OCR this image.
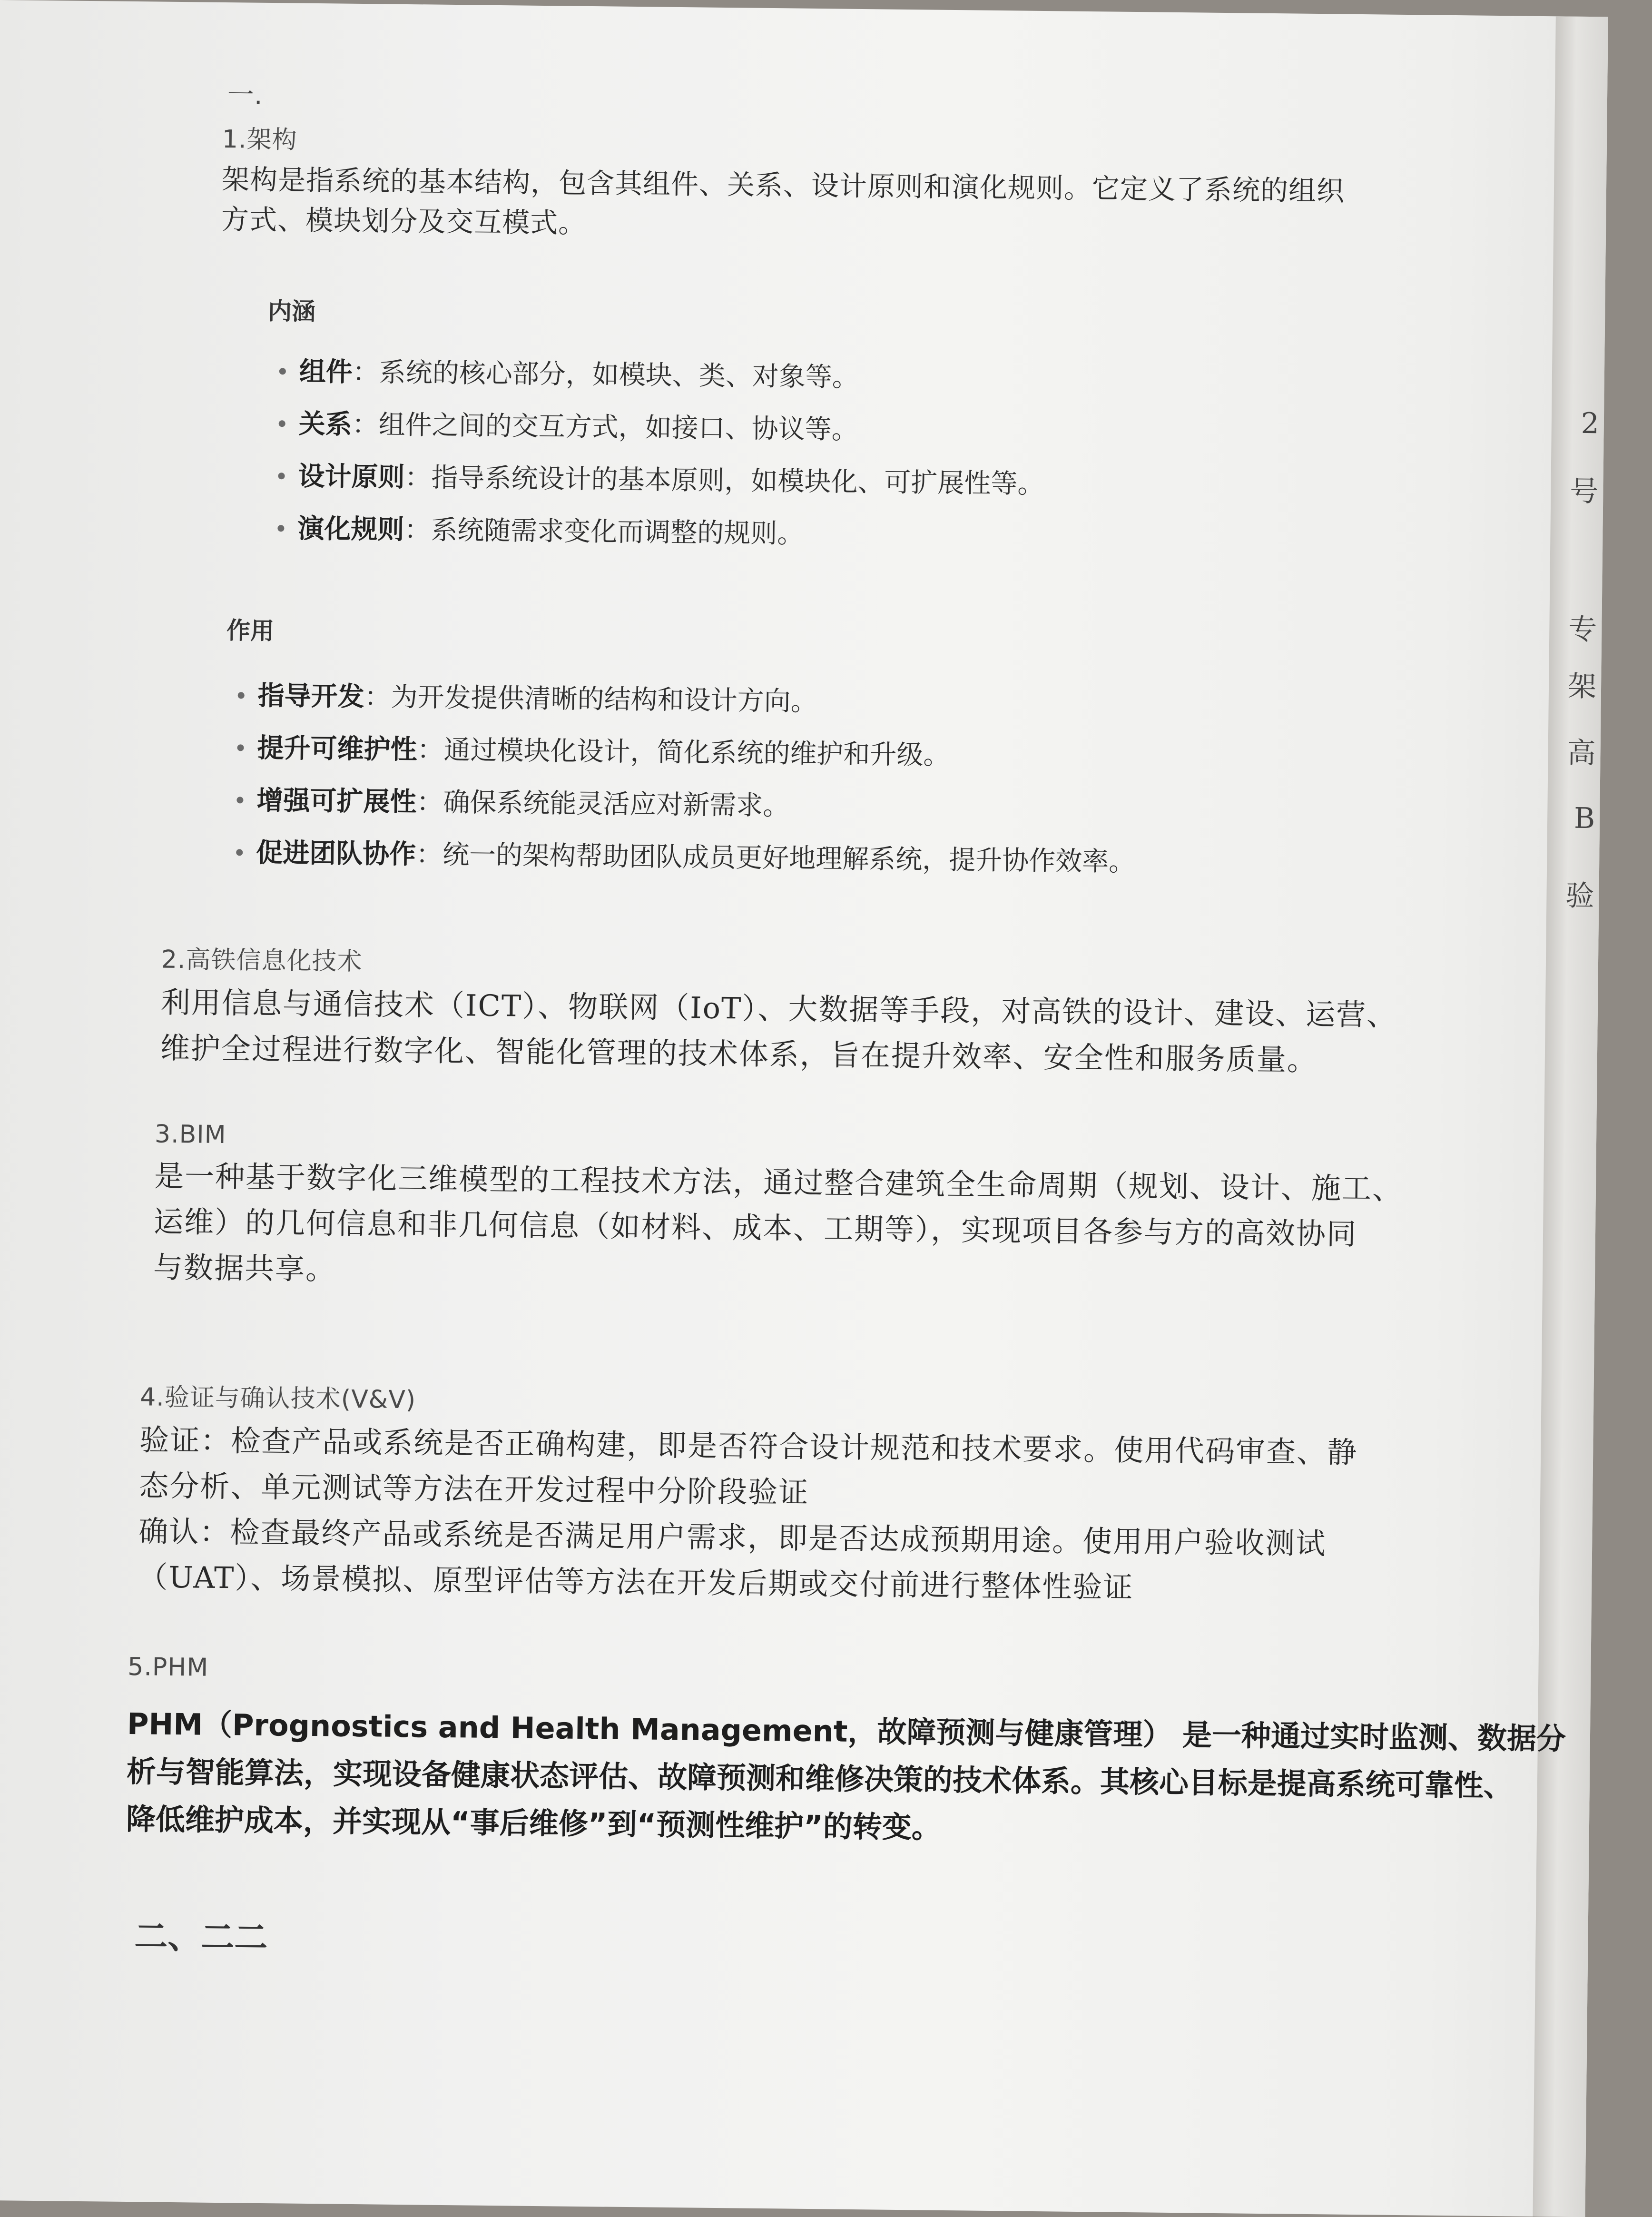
2
号
专
架
高
B
验
一.
1.架构
架构是指系统的基本结构，包含其组件、关系、设计原则和演化规则。它定义了系统的组织
方式、模块划分及交互模式。
内涵
组件 ： 系统的核心部分，如模块、类、对象等。
关系 ： 组件之间的交互方式，如接口、协议等。
设计原则 ： 指导系统设计的基本原则，如模块化、可扩展性等。
演化规则 ： 系统随需求变化而调整的规则。
作用
指导开发 ： 为开发提供清晰的结构和设计方向。
提升可维护性 ： 通过模块化设计，简化系统的维护和升级。
增强可扩展性 ： 确保系统能灵活应对新需求。
促进团队协作 ： 统一的架构帮助团队成员更好地理解系统，提升协作效率。
2.高铁信息化技术
利用信息与通信技术（ICT）、物联网（IoT）、大数据等手段，对高铁的设计、建设、运营、
维护全过程进行数字化、智能化管理的技术体系，旨在提升效率、安全性和服务质量。
3.BIM
是一种基于数字化三维模型的工程技术方法，通过整合建筑全生命周期（规划、设计、施工、
运维）的几何信息和非几何信息（如材料、成本、工期等），实现项目各参与方的高效协同
与数据共享。
4.验证与确认技术(V&V)
验证：检查产品或系统是否正确构建，即是否符合设计规范和技术要求。使用代码审查、静
态分析、单元测试等方法在开发过程中分阶段验证
确认：检查最终产品或系统是否满足用户需求，即是否达成预期用途。使用用户验收测试
（UAT）、场景模拟、原型评估等方法在开发后期或交付前进行整体性验证
5.PHM
PHM（Prognostics and Health Management，故障预测与健康管理） 是一种通过实时监测、数据分
析与智能算法，实现设备健康状态评估、故障预测和维修决策的技术体系。其核心目标是提高系统可靠性、
降低维护成本，并实现从“事后维修”到“预测性维护”的转变。
二、二二
